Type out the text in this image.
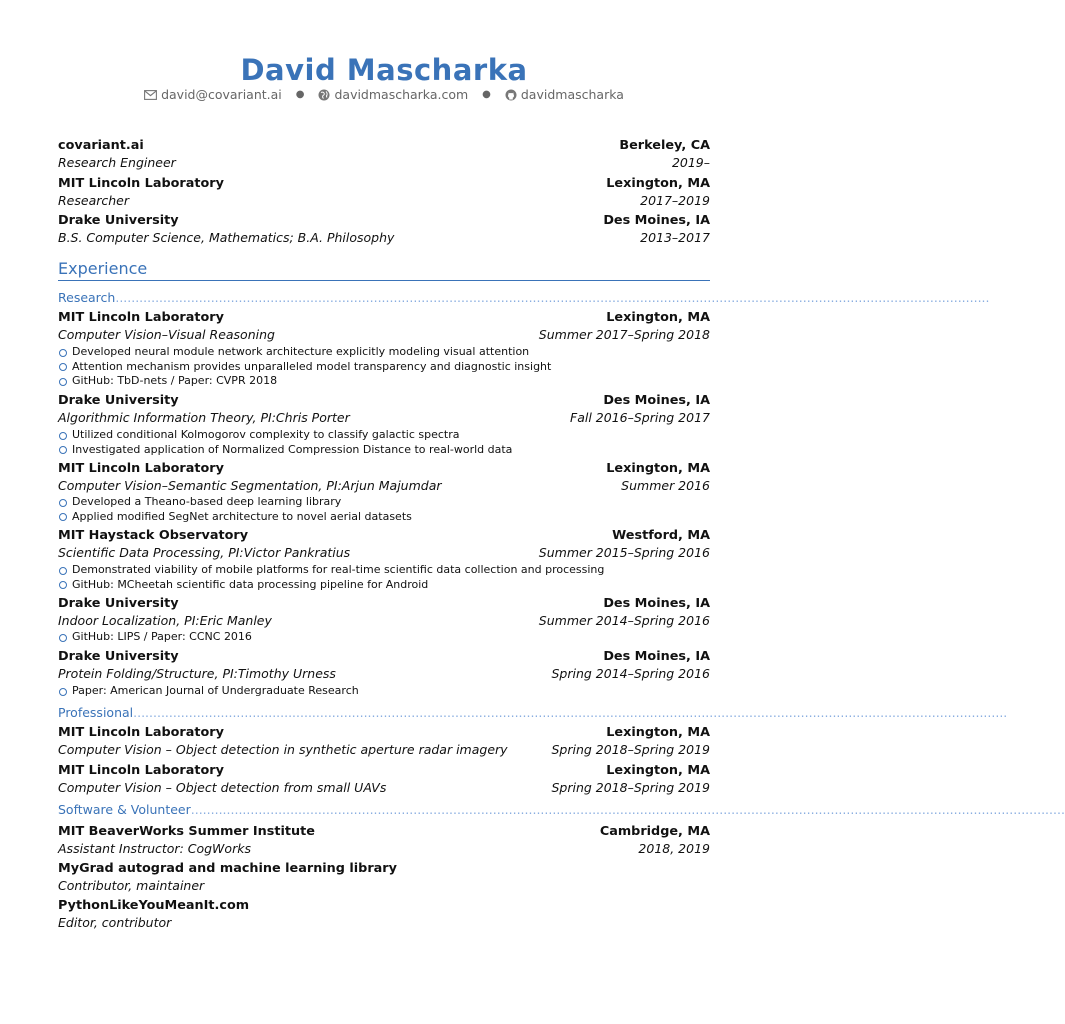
David Mascharka
david@covariant.ai ● davidmascharka.com ● davidmascharka
covariant.ai	Berkeley, CA
Research Engineer	2019–
MIT Lincoln Laboratory	Lexington, MA
Researcher	2017–2019
Drake University	Des Moines, IA
B.S. Computer Science, Mathematics; B.A. Philosophy	2013–2017
Experience
Research............................................................................................................................................................................................................................
MIT Lincoln Laboratory	Lexington, MA
Computer Vision–Visual Reasoning	Summer 2017–Spring 2018
Developed neural module network architecture explicitly modeling visual attention
Attention mechanism provides unparalleled model transparency and diagnostic insight
GitHub: TbD-nets / Paper: CVPR 2018
Drake University	Des Moines, IA
Algorithmic Information Theory, PI:Chris Porter	Fall 2016–Spring 2017
Utilized conditional Kolmogorov complexity to classify galactic spectra
Investigated application of Normalized Compression Distance to real-world data
MIT Lincoln Laboratory	Lexington, MA
Computer Vision–Semantic Segmentation, PI:Arjun Majumdar	Summer 2016
Developed a Theano-based deep learning library
Applied modified SegNet architecture to novel aerial datasets
MIT Haystack Observatory	Westford, MA
Scientific Data Processing, PI:Victor Pankratius	Summer 2015–Spring 2016
Demonstrated viability of mobile platforms for real-time scientific data collection and processing
GitHub: MCheetah scientific data processing pipeline for Android
Drake University	Des Moines, IA
Indoor Localization, PI:Eric Manley	Summer 2014–Spring 2016
GitHub: LIPS / Paper: CCNC 2016
Drake University	Des Moines, IA
Protein Folding/Structure, PI:Timothy Urness	Spring 2014–Spring 2016
Paper: American Journal of Undergraduate Research
Professional............................................................................................................................................................................................................................
MIT Lincoln Laboratory	Lexington, MA
Computer Vision – Object detection in synthetic aperture radar imagery	Spring 2018–Spring 2019
MIT Lincoln Laboratory	Lexington, MA
Computer Vision – Object detection from small UAVs	Spring 2018–Spring 2019
Software & Volunteer............................................................................................................................................................................................................................
MIT BeaverWorks Summer Institute	Cambridge, MA
Assistant Instructor: CogWorks	2018, 2019
MyGrad autograd and machine learning library
Contributor, maintainer
PythonLikeYouMeanIt.com
Editor, contributor
